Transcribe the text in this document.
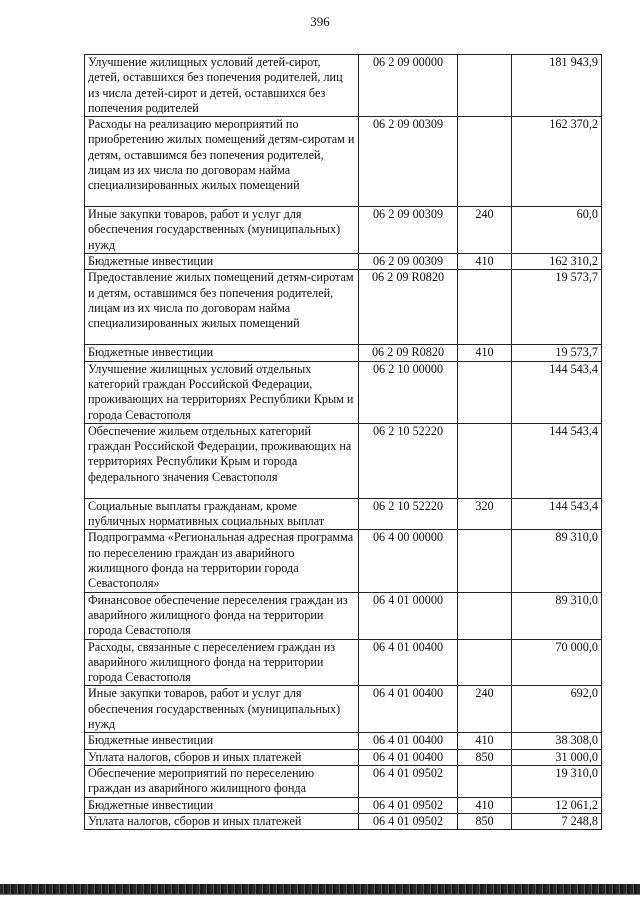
396
Улучшение жилищных условий детей-сирот, детей, оставшихся без попечения родителей, лиц из числа детей-сирот и детей, оставшихся без попечения родителей	06 2 09 00000		181 943,9
Расходы на реализацию мероприятий по приобретению жилых помещений детям-сиротам и детям, оставшимся без попечения родителей, лицам из их числа по договорам найма специализированных жилых помещений	06 2 09 00309		162 370,2
Иные закупки товаров, работ и услуг для обеспечения государственных (муниципальных) нужд	06 2 09 00309	240	60,0
Бюджетные инвестиции	06 2 09 00309	410	162 310,2
Предоставление жилых помещений детям-сиротам и детям, оставшимся без попечения родителей, лицам из их числа по договорам найма специализированных жилых помещений	06 2 09 R0820		19 573,7
Бюджетные инвестиции	06 2 09 R0820	410	19 573,7
Улучшение жилищных условий отдельных категорий граждан Российской Федерации, проживающих на территориях Республики Крым и города Севастополя	06 2 10 00000		144 543,4
Обеспечение жильем отдельных категорий граждан Российской Федерации, проживающих на территориях Республики Крым и города федерального значения Севастополя	06 2 10 52220		144 543,4
Социальные выплаты гражданам, кроме публичных нормативных социальных выплат	06 2 10 52220	320	144 543,4
Подпрограмма «Региональная адресная программа по переселению граждан из аварийного жилищного фонда на территории города Севастополя»	06 4 00 00000		89 310,0
Финансовое обеспечение переселения граждан из аварийного жилищного фонда на территории города Севастополя	06 4 01 00000		89 310,0
Расходы, связанные с переселением граждан из аварийного жилищного фонда на территории города Севастополя	06 4 01 00400		70 000,0
Иные закупки товаров, работ и услуг для обеспечения государственных (муниципальных) нужд	06 4 01 00400	240	692,0
Бюджетные инвестиции	06 4 01 00400	410	38 308,0
Уплата налогов, сборов и иных платежей	06 4 01 00400	850	31 000,0
Обеспечение мероприятий по переселению граждан из аварийного жилищного фонда	06 4 01 09502		19 310,0
Бюджетные инвестиции	06 4 01 09502	410	12 061,2
Уплата налогов, сборов и иных платежей	06 4 01 09502	850	7 248,8
